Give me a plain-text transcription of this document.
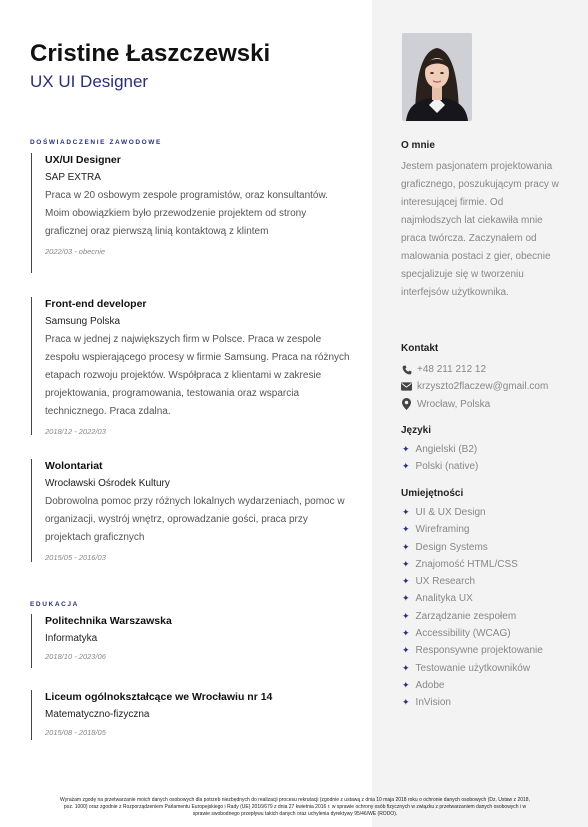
Cristine Łaszczewski
UX UI Designer
DOŚWIADCZENIE ZAWODOWE
UX/UI Designer
SAP EXTRA
Praca w 20 osbowym zespole programistów, oraz konsultantów. Moim obowiązkiem było przewodzenie projektem od strony graficznej oraz pierwszą linią kontaktową z klintem
2022/03 - obecnie
Front-end developer
Samsung Polska
Praca w jednej z największych firm w Polsce. Praca w zespole zespołu wspierającego procesy w firmie Samsung. Praca na różnych etapach rozwoju projektów. Współpraca z klientami w zakresie projektowania, programowania, testowania oraz wsparcia technicznego. Praca zdalna.
2018/12 - 2022/03
Wolontariat
Wrocławski Ośrodek Kultury
Dobrowolna pomoc przy różnych lokalnych wydarzeniach, pomoc w organizacji, wystrój wnętrz, oprowadzanie gości, praca przy projektach graficznych
2015/05 - 2016/03
EDUKACJA
Politechnika Warszawska
Informatyka
2018/10 - 2023/06
Liceum ogólnokształcące we Wrocławiu nr 14
Matematyczno-fizyczna
2015/08 - 2018/05
O mnie
Jestem pasjonatem projektowania graficznego, poszukującym pracy w interesującej firmie. Od najmłodszych lat ciekawiła mnie praca twórcza. Zaczynałem od malowania postaci z gier, obecnie specjalizuje się w tworzeniu interfejsów użytkownika.
Kontakt
+48 211 212 12
krzyszto2flaczew@gmail.com
Wrocław, Polska
Języki
✦ Angielski (B2)
✦ Polski (native)
Umiejętności
✦ UI & UX Design
✦ Wireframing
✦ Design Systems
✦ Znajomość HTML/CSS
✦ UX Research
✦ Analityka UX
✦ Zarządzanie zespołem
✦ Accessibility (WCAG)
✦ Responsywne projektowanie
✦ Testowanie użytkowników
✦ Adobe
✦ InVision
Wyrażam zgodę na przetwarzanie moich danych osobowych dla potrzeb niezbędnych do realizacji procesu rekrutacji (zgodnie z ustawą z dnia 10 maja 2018 roku o ochronie danych osobowych (Dz. Ustaw z 2018, poz. 1000) oraz zgodnie z Rozporządzeniem Parlamentu Europejskiego i Rady (UE) 2016/679 z dnia 27 kwietnia 2016 r. w sprawie ochrony osób fizycznych w związku z przetwarzaniem danych osobowych i w sprawie swobodnego przepływu takich danych oraz uchylenia dyrektywy 95/46/WE (RODO).
